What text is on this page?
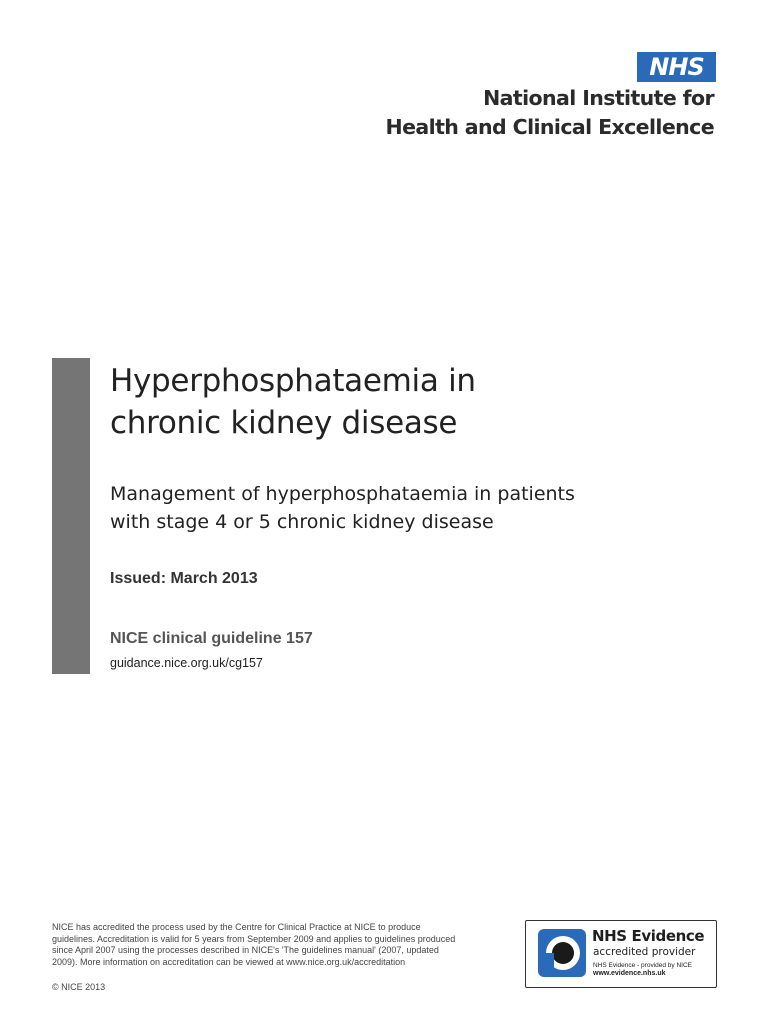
NHS
National Institute for
Health and Clinical Excellence
Hyperphosphataemia in
chronic kidney disease
Management of hyperphosphataemia in patients
with stage 4 or 5 chronic kidney disease
Issued: March 2013
NICE clinical guideline 157
guidance.nice.org.uk/cg157
NICE has accredited the process used by the Centre for Clinical Practice at NICE to produce
guidelines. Accreditation is valid for 5 years from September 2009 and applies to guidelines produced
since April 2007 using the processes described in NICE's 'The guidelines manual' (2007, updated
2009). More information on accreditation can be viewed at www.nice.org.uk/accreditation
© NICE 2013
NHS Evidence
accredited provider
NHS Evidence - provided by NICE
www.evidence.nhs.uk
